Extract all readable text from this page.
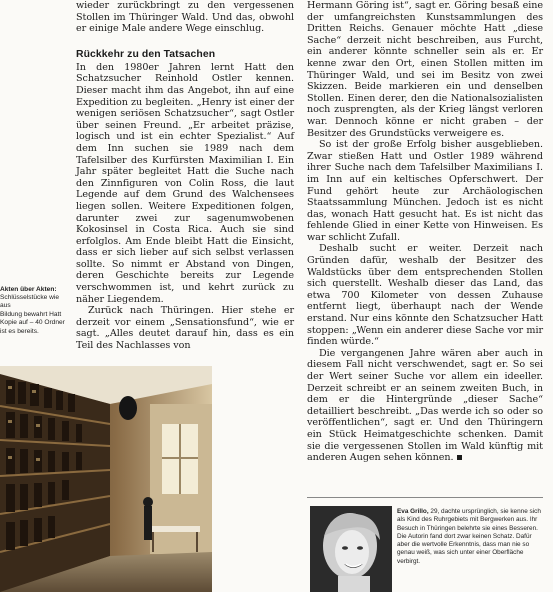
Akten über Akten:

Schlüsselstücke wie aus

Bildung bewahrt Hatt

Kopie auf – 40 Ordner

ist es bereits.

wieder zurückbringt zu den vergessenen Stollen im Thüringer Wald. Und das, obwohl er einige Male andere Wege einschlug.

Rückkehr zu den Tatsachen

In den 1980er Jahren lernt Hatt den Schatzsucher Reinhold Ostler kennen. Dieser macht ihm das Angebot, ihn auf eine Expedition zu begleiten. „Henry ist einer der wenigen seriösen Schatzsucher“, sagt Ostler über seinen Freund. „Er arbeitet präzise, logisch und ist ein echter Spezialist.“ Auf dem Inn suchen sie 1989 nach dem Tafelsilber des Kurfürsten Maximilian I. Ein Jahr später begleitet Hatt die Suche nach den Zinnfiguren von Colin Ross, die laut Legende auf dem Grund des Walchensees liegen sollen. Weitere Expeditionen folgen, darunter zwei zur sagenumwobenen Kokosinsel in Costa Rica. Auch sie sind erfolglos. Am Ende bleibt Hatt die Einsicht, dass er sich lieber auf sich selbst verlassen sollte. So nimmt er Abstand von Dingen, deren Geschichte bereits zur Legende verschwommen ist, und kehrt zurück zu näher Liegendem.

Zurück nach Thüringen. Hier stehe er derzeit vor einem „Sensationsfund“, wie er sagt. „Alles deutet darauf hin, dass es ein Teil des Nachlasses von

Hermann Göring ist“, sagt er. Göring besaß eine der umfangreichsten Kunstsammlungen des Dritten Reichs. Genauer möchte Hatt „diese Sache“ derzeit nicht beschreiben, aus Furcht, ein anderer könnte schneller sein als er. Er kenne zwar den Ort, einen Stollen mitten im Thüringer Wald, und sei im Besitz von zwei Skizzen. Beide markieren ein und denselben Stollen. Einen derer, den die Nationalsozialisten noch zusprengten, als der Krieg längst verloren war. Dennoch könne er nicht graben – der Besitzer des Grundstücks verweigere es.

So ist der große Erfolg bisher ausgeblieben. Zwar stießen Hatt und Ostler 1989 während ihrer Suche nach dem Tafelsilber Maximilians I. im Inn auf ein keltisches Opferschwert. Der Fund gehört heute zur Archäologischen Staatssammlung München. Jedoch ist es nicht das, wonach Hatt gesucht hat. Es ist nicht das fehlende Glied in einer Kette von Hinweisen. Es war schlicht Zufall.

Deshalb sucht er weiter. Derzeit nach Gründen dafür, weshalb der Besitzer des Waldstücks über dem entsprechenden Stollen sich querstellt. Weshalb dieser das Land, das etwa 700 Kilometer von dessen Zuhause entfernt liegt, überhaupt nach der Wende erstand. Nur eins könnte den Schatzsucher Hatt stoppen: „Wenn ein anderer diese Sache vor mir finden würde.“

Die vergangenen Jahre wären aber auch in diesem Fall nicht verschwendet, sagt er. So sei der Wert seiner Suche vor allem ein ideeller. Derzeit schreibt er an seinem zweiten Buch, in dem er die Hintergründe „dieser Sache“ detailliert beschreibt. „Das werde ich so oder so veröffentlichen“, sagt er. Und den Thüringern ein Stück Heimatgeschichte schenken. Damit sie die vergessenen Stollen im Wald künftig mit anderen Augen sehen können.

Eva Grillo, 29, dachte ursprünglich, sie kenne sich als Kind des Ruhrgebiets mit Bergwerken aus. Ihr Besuch in Thüringen belehrte sie eines Besseren. Die Autorin fand dort zwar keinen Schatz. Dafür aber die wertvolle Erkenntnis, dass man nie so genau weiß, was sich unter einer Oberfläche verbirgt.
